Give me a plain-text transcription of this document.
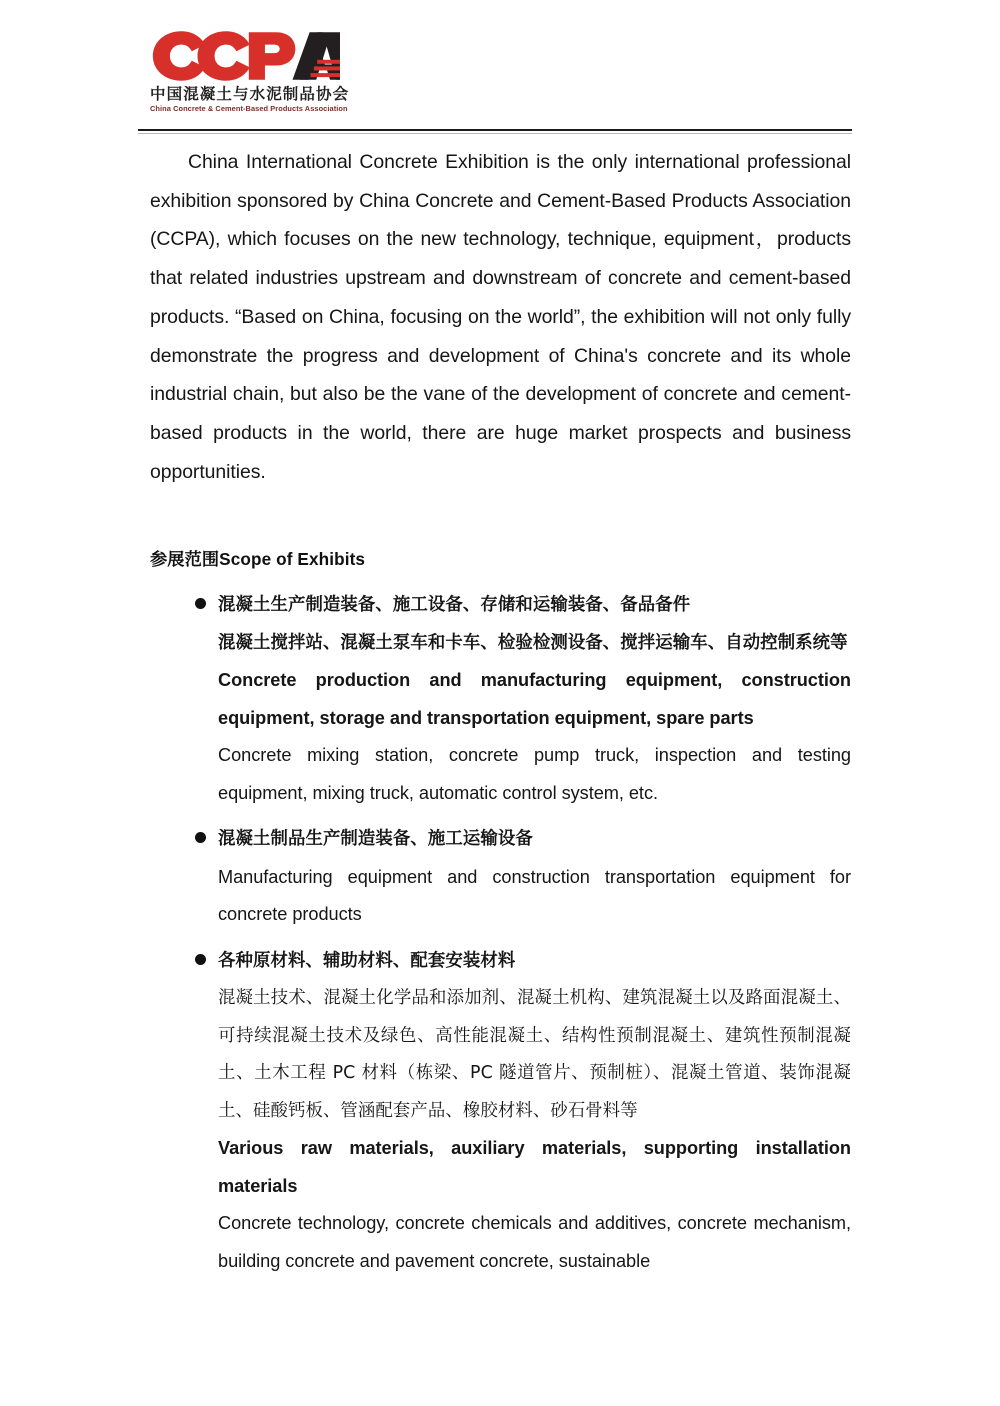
中国混凝土与水泥制品协会
China Concrete & Cement-Based Products Association

China International Concrete Exhibition is the only international professional exhibition sponsored by China Concrete and Cement-Based Products Association (CCPA), which focuses on the new technology, technique, equipment，products that related industries upstream and downstream of concrete and cement-based products. “Based on China, focusing on the world”, the exhibition will not only fully demonstrate the progress and development of China's concrete and its whole industrial chain, but also be the vane of the development of concrete and cement-based products in the world, there are huge market prospects and business opportunities.

参展范围Scope of Exhibits
混凝土生产制造装备、施工设备、存储和运输装备、备品备件
混凝土搅拌站、混凝土泵车和卡车、检验检测设备、搅拌运输车、自动控制系统等
Concrete production and manufacturing equipment, construction equipment, storage and transportation equipment, spare parts
Concrete mixing station, concrete pump truck, inspection and testing equipment, mixing truck, automatic control system, etc.
混凝土制品生产制造装备、施工运输设备
Manufacturing equipment and construction transportation equipment for concrete products
各种原材料、辅助材料、配套安装材料
混凝土技术、混凝土化学品和添加剂、混凝土机构、建筑混凝土以及路面混凝土、可持续混凝土技术及绿色、高性能混凝土、结构性预制混凝土、建筑性预制混凝土、土木工程 PC 材料（栋梁、PC 隧道管片、预制桩）、混凝土管道、装饰混凝土、硅酸钙板、管涵配套产品、橡胶材料、砂石骨料等
Various raw materials, auxiliary materials, supporting installation materials
Concrete technology, concrete chemicals and additives, concrete mechanism, building concrete and pavement concrete, sustainable
